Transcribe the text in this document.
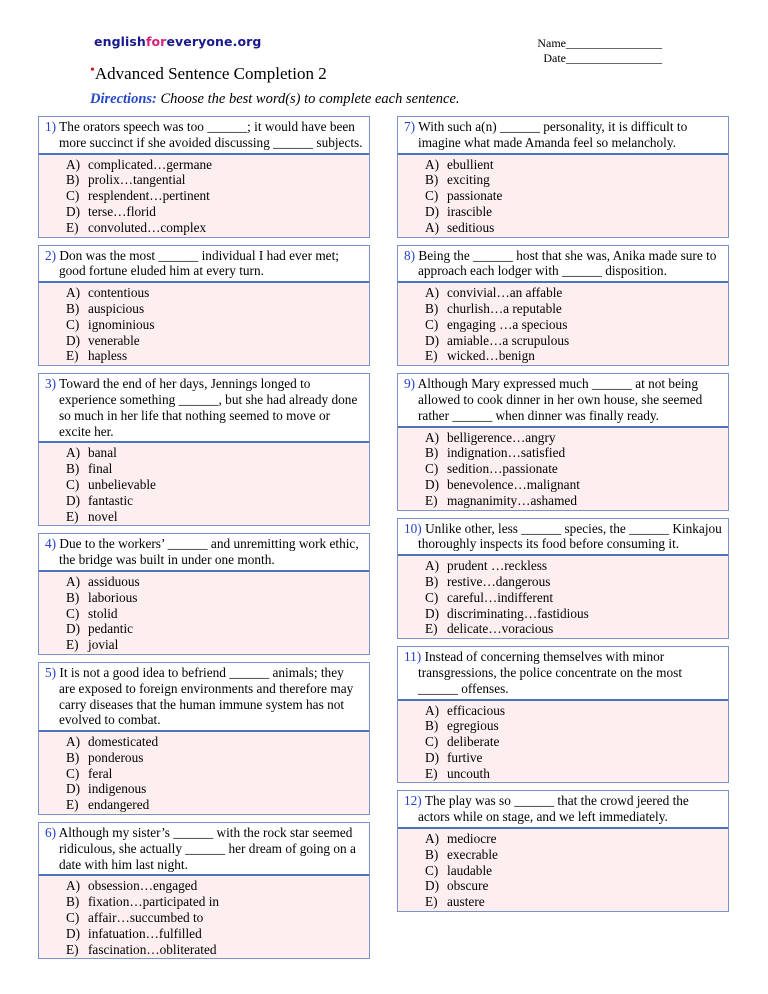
englishforeveryone.org	Name________________
Date________________
•Advanced Sentence Completion 2
Directions: Choose the best word(s) to complete each sentence.
1) The orators speech was too ______; it would have been more succinct if she avoided discussing ______ subjects.
A) complicated…germane
B) prolix…tangential
C) resplendent…pertinent
D) terse…florid
E) convoluted…complex
2) Don was the most ______ individual I had ever met; good fortune eluded him at every turn.
A) contentious
B) auspicious
C) ignominious
D) venerable
E) hapless
3) Toward the end of her days, Jennings longed to experience something ______, but she had already done so much in her life that nothing seemed to move or excite her.
A) banal
B) final
C) unbelievable
D) fantastic
E) novel
4) Due to the workers’ ______ and unremitting work ethic, the bridge was built in under one month.
A) assiduous
B) laborious
C) stolid
D) pedantic
E) jovial
5) It is not a good idea to befriend ______ animals; they are exposed to foreign environments and therefore may carry diseases that the human immune system has not evolved to combat.
A) domesticated
B) ponderous
C) feral
D) indigenous
E) endangered
6) Although my sister’s ______ with the rock star seemed ridiculous, she actually ______ her dream of going on a date with him last night.
A) obsession…engaged
B) fixation…participated in
C) affair…succumbed to
D) infatuation…fulfilled
E) fascination…obliterated
7) With such a(n) ______ personality, it is difficult to imagine what made Amanda feel so melancholy.
A) ebullient
B) exciting
C) passionate
D) irascible
A) seditious
8) Being the ______ host that she was, Anika made sure to approach each lodger with ______ disposition.
A) convivial…an affable
B) churlish…a reputable
C) engaging …a specious
D) amiable…a scrupulous
E) wicked…benign
9) Although Mary expressed much ______ at not being allowed to cook dinner in her own house, she seemed rather ______ when dinner was finally ready.
A) belligerence…angry
B) indignation…satisfied
C) sedition…passionate
D) benevolence…malignant
E) magnanimity…ashamed
10) Unlike other, less ______ species, the ______ Kinkajou thoroughly inspects its food before consuming it.
A) prudent …reckless
B) restive…dangerous
C) careful…indifferent
D) discriminating…fastidious
E) delicate…voracious
11) Instead of concerning themselves with minor transgressions, the police concentrate on the most ______ offenses.
A) efficacious
B) egregious
C) deliberate
D) furtive
E) uncouth
12) The play was so ______ that the crowd jeered the actors while on stage, and we left immediately.
A) mediocre
B) execrable
C) laudable
D) obscure
E) austere
